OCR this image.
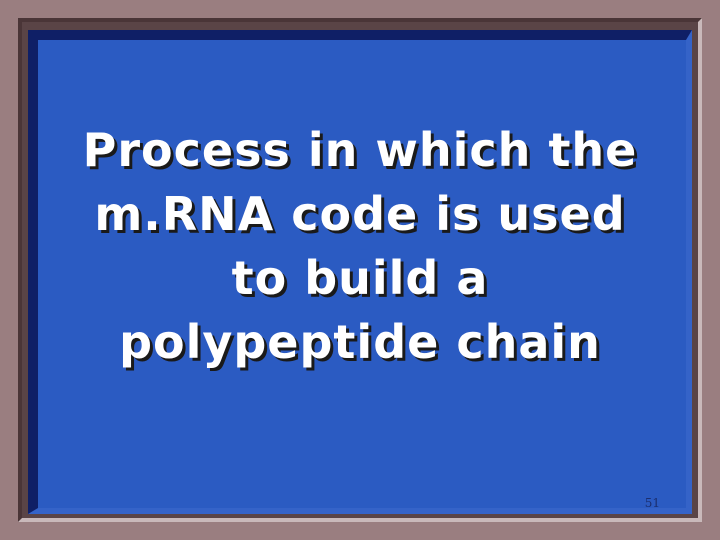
Process in which the
m.RNA code is used
to build a
polypeptide chain

51
